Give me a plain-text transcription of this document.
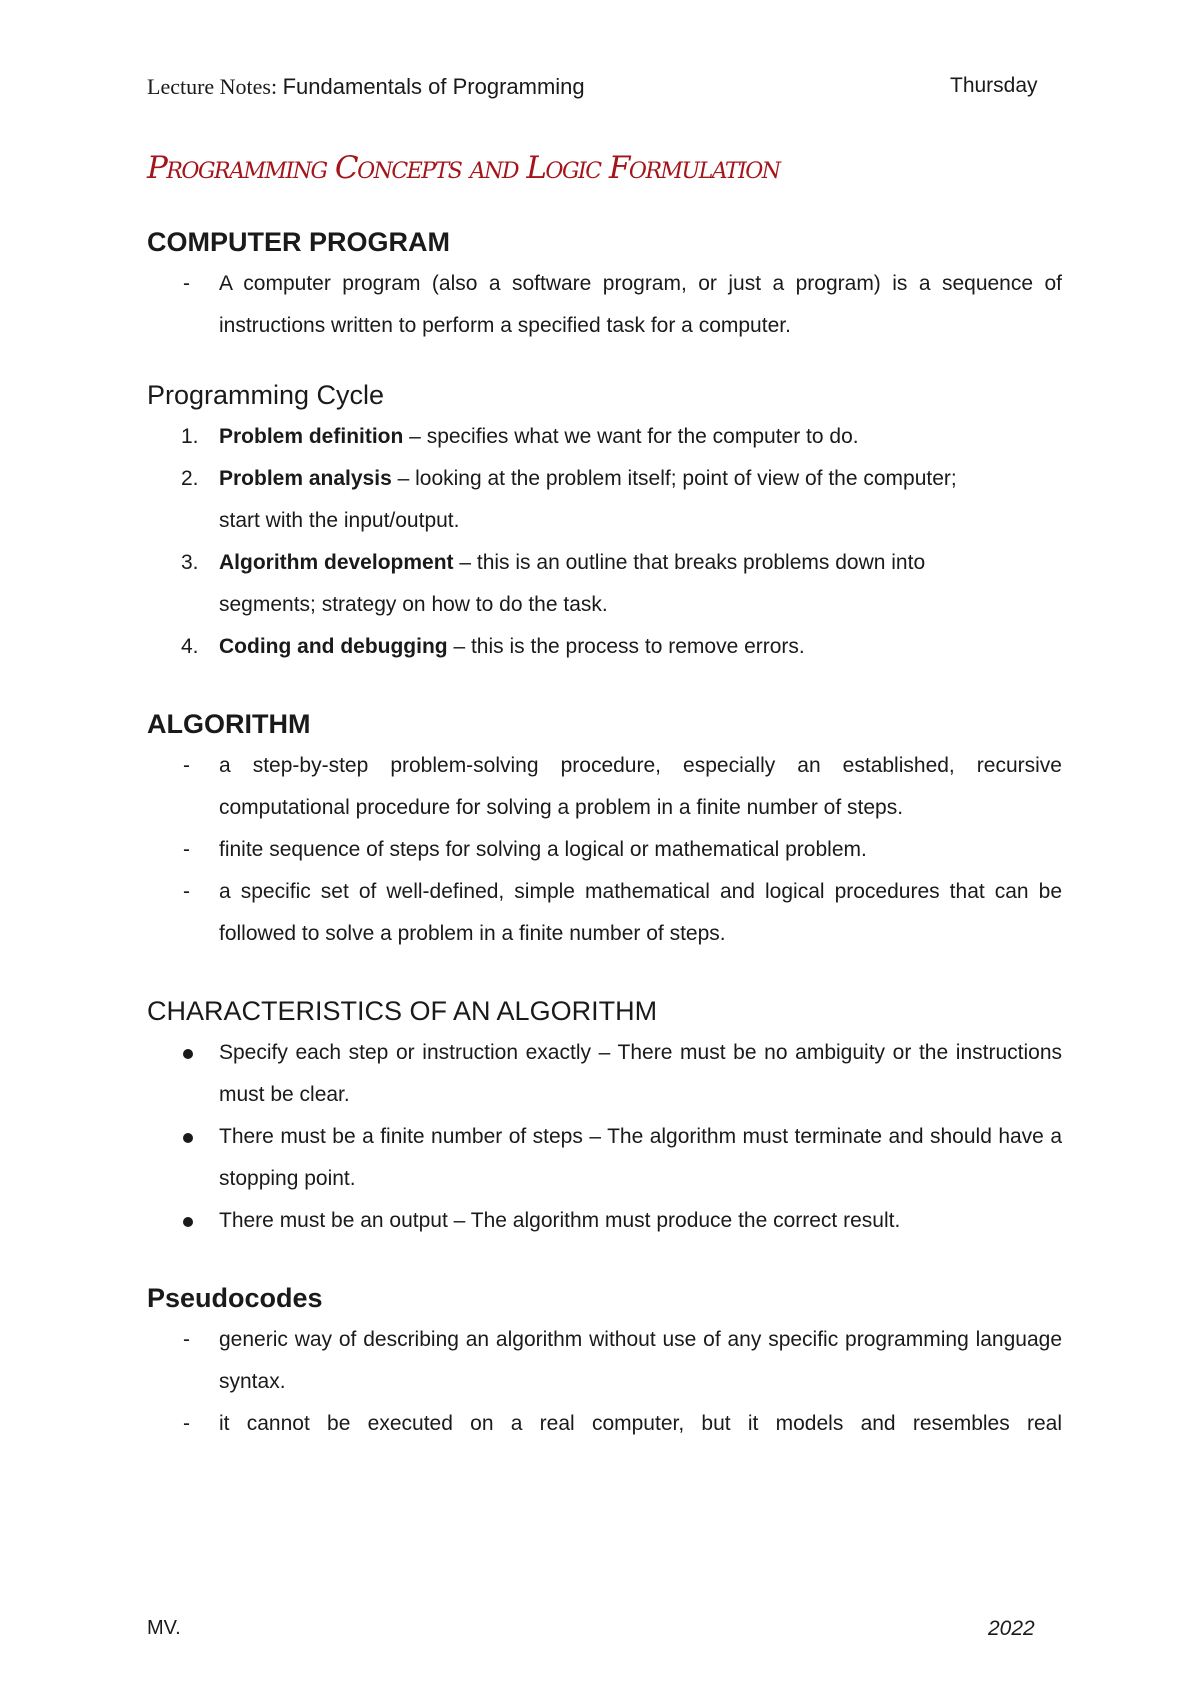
Lecture Notes: Fundamentals of Programming	Thursday
Programming Concepts and Logic Formulation
COMPUTER PROGRAM
- A computer program (also a software program, or just a program) is a sequence of instructions written to perform a specified task for a computer.
Programming Cycle
1. Problem definition – specifies what we want for the computer to do.
2. Problem analysis – looking at the problem itself; point of view of the computer; start with the input/output.
3. Algorithm development – this is an outline that breaks problems down into segments; strategy on how to do the task.
4. Coding and debugging – this is the process to remove errors.
ALGORITHM
- a step-by-step problem-solving procedure, especially an established, recursive computational procedure for solving a problem in a finite number of steps.
- finite sequence of steps for solving a logical or mathematical problem.
- a specific set of well-defined, simple mathematical and logical procedures that can be followed to solve a problem in a finite number of steps.
CHARACTERISTICS OF AN ALGORITHM
Specify each step or instruction exactly – There must be no ambiguity or the instructions must be clear.
There must be a finite number of steps – The algorithm must terminate and should have a stopping point.
There must be an output – The algorithm must produce the correct result.
Pseudocodes
- generic way of describing an algorithm without use of any specific programming language syntax.
- it cannot be executed on a real computer, but it models and resembles real
MV.	2022
